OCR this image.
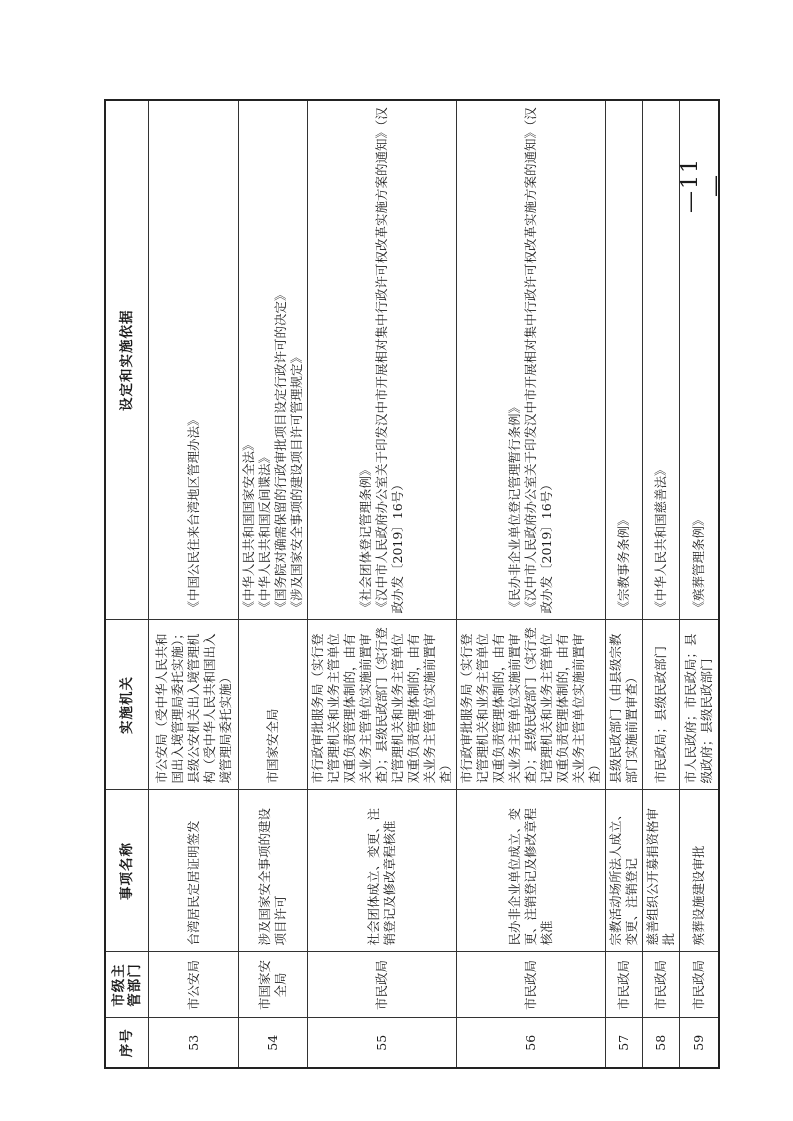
序号	市级主管部门	事项名称	实施机关	设定和实施依据
53	市公安局	台湾居民定居证明签发	市公安局（受中华人民共和国出入境管理局委托实施）；县级公安机关出入境管理机构（受中华人民共和国出入境管理局委托实施）	《中国公民往来台湾地区管理办法》

54	市国家安全局	涉及国家安全事项的建设项目许可	市国家安全局	《中华人民共和国国家安全法》 《中华人民共和国反间谍法》 《国务院对确需保留的行政审批项目设定行政许可的决定》 《涉及国家安全事项的建设项目许可管理规定》

55	市民政局	社会团体成立、变更、注销登记及修改章程核准	市行政审批服务局（实行登记管理机关和业务主管单位双重负责管理体制的，由有关业务主管单位实施前置审查）；县级民政部门（实行登记管理机关和业务主管单位双重负责管理体制的，由有关业务主管单位实施前置审查）	《社会团体登记管理条例》 《汉中市人民政府办公室关于印发汉中市开展相对集中行政许可权改革实施方案的通知》（汉政办发〔2019〕16号）

56	市民政局	民办非企业单位成立、变更、注销登记及修改章程核准	市行政审批服务局（实行登记管理机关和业务主管单位双重负责管理体制的，由有关业务主管单位实施前置审查）；县级民政部门（实行登记管理机关和业务主管单位双重负责管理体制的，由有关业务主管单位实施前置审查）	《民办非企业单位登记管理暂行条例》 《汉中市人民政府办公室关于印发汉中市开展相对集中行政许可权改革实施方案的通知》（汉政办发〔2019〕16号）

57	市民政局	宗教活动场所法人成立、变更、注销登记	县级民政部门（由县级宗教部门实施前置审查）	《宗教事务条例》

58	市民政局	慈善组织公开募捐资格审批	市民政局；县级民政部门	《中华人民共和国慈善法》

59	市民政局	殡葬设施建设审批	市人民政府；市民政局；县级政府；县级民政部门	《殡葬管理条例》
—11—
